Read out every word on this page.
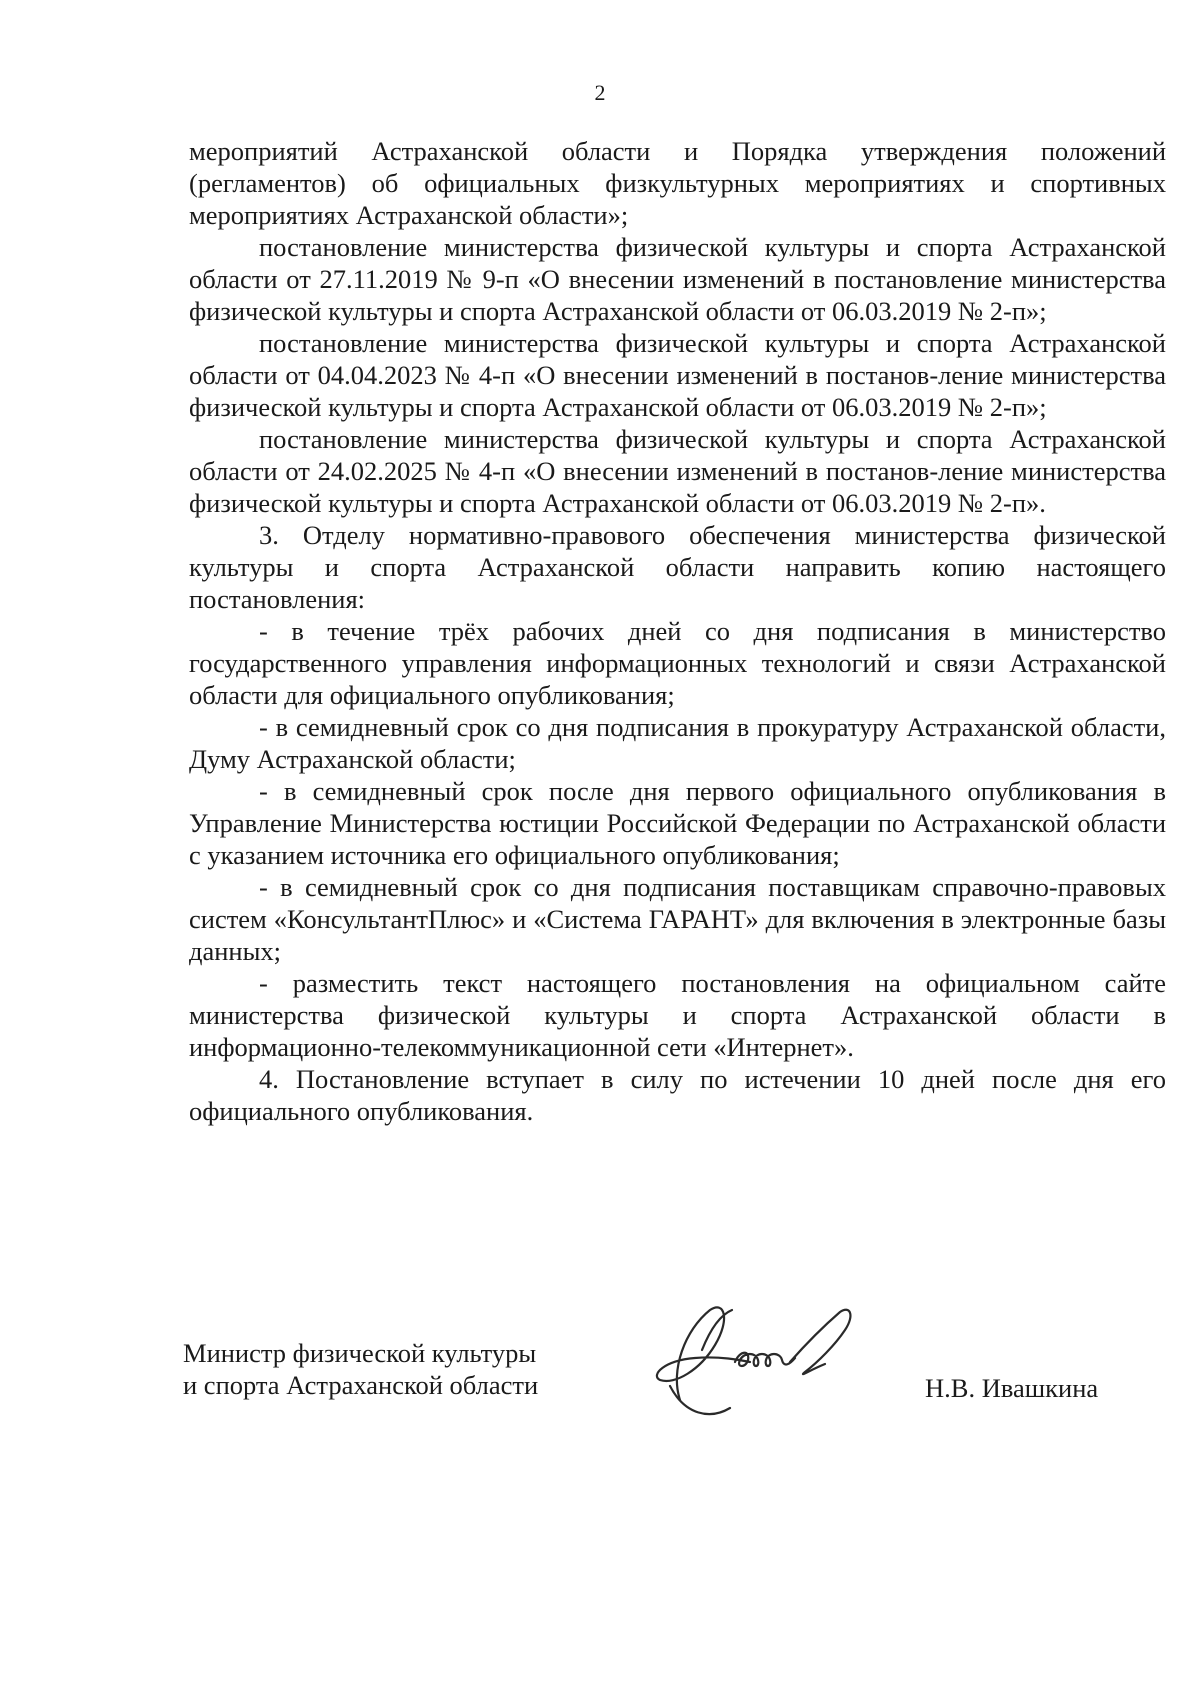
2

мероприятий Астраханской области и Порядка утверждения положений (регламентов) об официальных физкультурных мероприятиях и спортивных мероприятиях Астраханской области»;

постановление министерства физической культуры и спорта Астраханской области от 27.11.2019 № 9-п «О внесении изменений в постановление министерства физической культуры и спорта Астраханской области от 06.03.2019 № 2-п»;

постановление министерства физической культуры и спорта Астраханской области от 04.04.2023 № 4-п «О внесении изменений в постанов-ление министерства физической культуры и спорта Астраханской области от 06.03.2019 № 2-п»;

постановление министерства физической культуры и спорта Астраханской области от 24.02.2025 № 4-п «О внесении изменений в постанов-ление министерства физической культуры и спорта Астраханской области от 06.03.2019 № 2-п».

3. Отделу нормативно-правового обеспечения министерства физической культуры и спорта Астраханской области направить копию настоящего постановления:

- в течение трёх рабочих дней со дня подписания в министерство государственного управления информационных технологий и связи Астраханской области для официального опубликования;

- в семидневный срок со дня подписания в прокуратуру Астраханской области, Думу Астраханской области;

- в семидневный срок после дня первого официального опубликования в Управление Министерства юстиции Российской Федерации по Астраханской области с указанием источника его официального опубликования;

- в семидневный срок со дня подписания поставщикам справочно-правовых систем «КонсультантПлюс» и «Система ГАРАНТ» для включения в электронные базы данных;

- разместить текст настоящего постановления на официальном сайте министерства физической культуры и спорта Астраханской области в информационно-телекоммуникационной сети «Интернет».

4. Постановление вступает в силу по истечении 10 дней после дня его официального опубликования.

Министр физической культуры
и спорта Астраханской области	Н.В. Ивашкина
